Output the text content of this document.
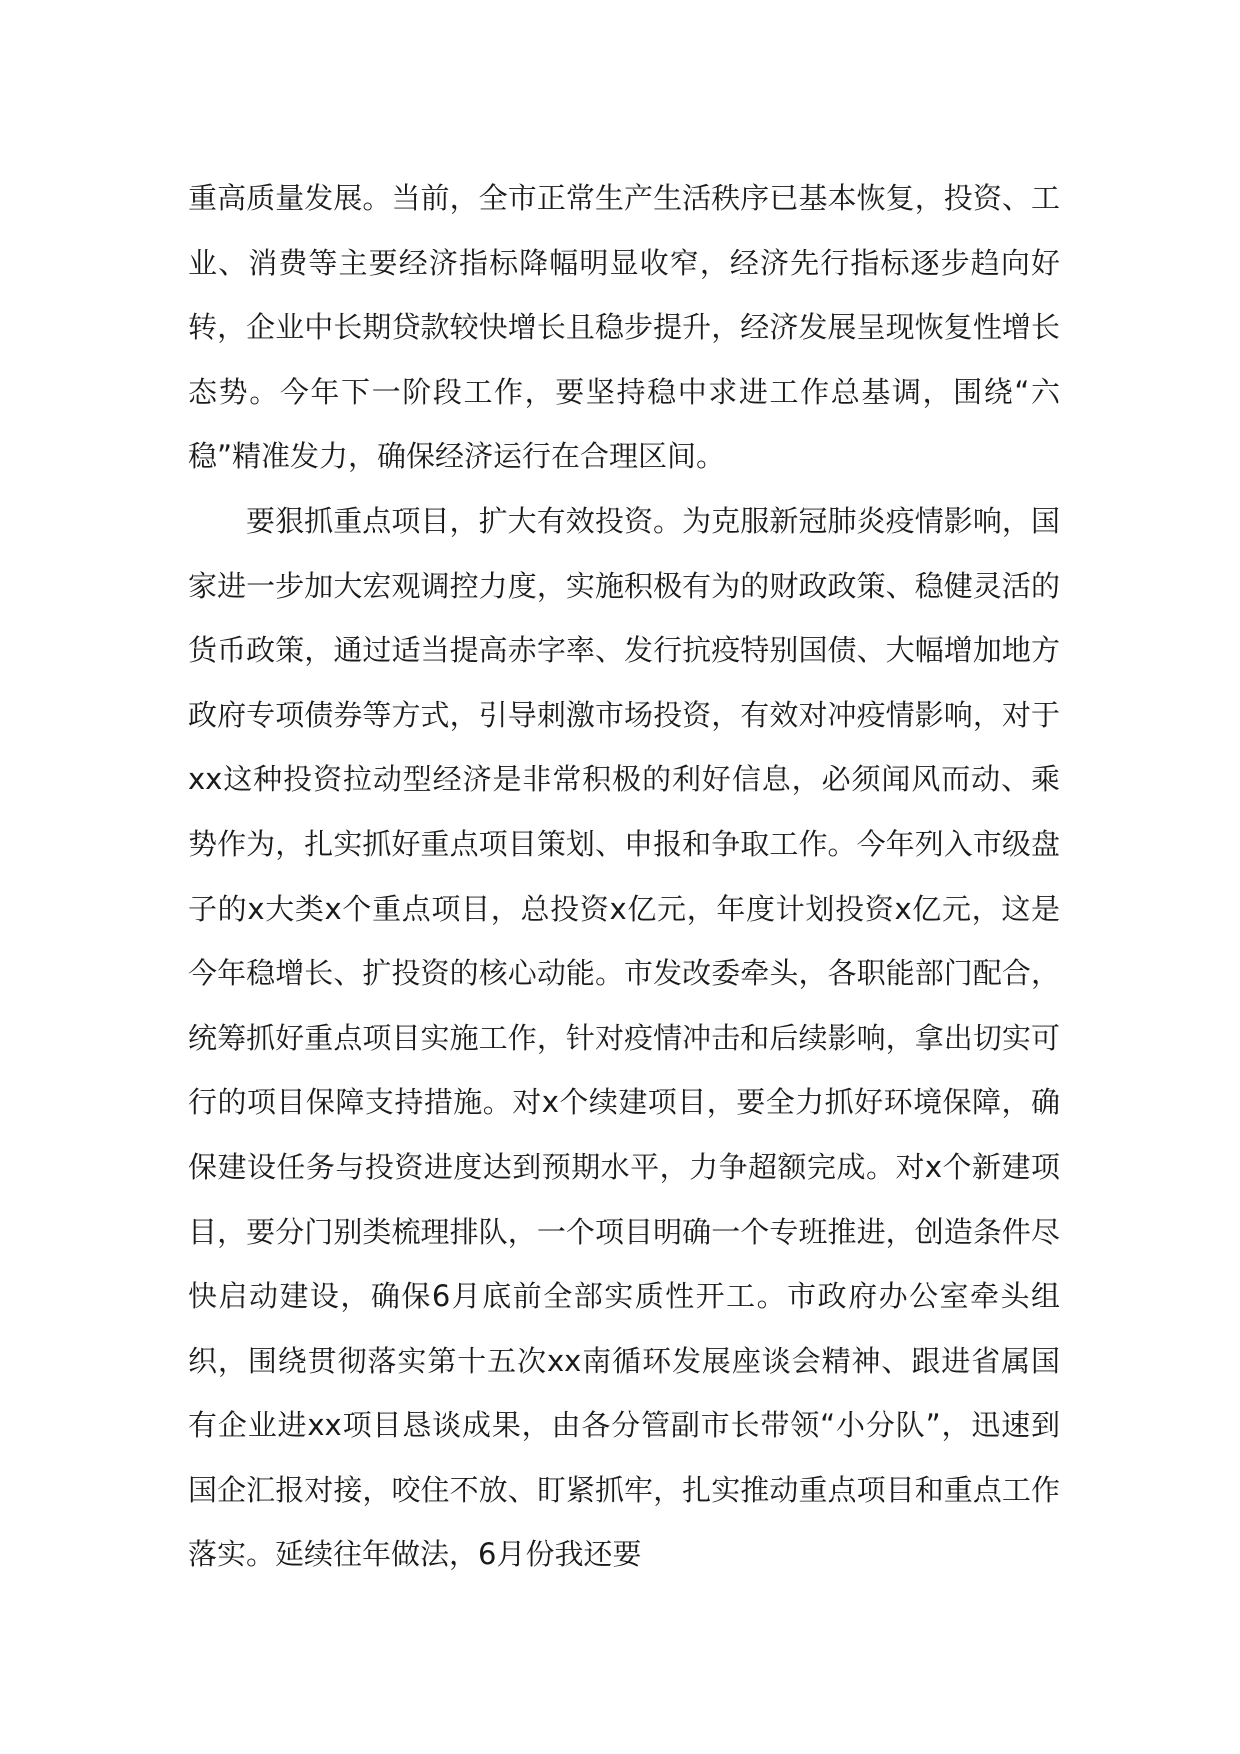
重高质量发展。当前，全市正常生产生活秩序已基本恢复，投资、工业、消费等主要经济指标降幅明显收窄，经济先行指标逐步趋向好转，企业中长期贷款较快增长且稳步提升，经济发展呈现恢复性增长态势。今年下一阶段工作，要坚持稳中求进工作总基调，围绕“六稳”精准发力，确保经济运行在合理区间。

要狠抓重点项目，扩大有效投资。为克服新冠肺炎疫情影响，国家进一步加大宏观调控力度，实施积极有为的财政政策、稳健灵活的货币政策，通过适当提高赤字率、发行抗疫特别国债、大幅增加地方政府专项债券等方式，引导刺激市场投资，有效对冲疫情影响，对于xx这种投资拉动型经济是非常积极的利好信息，必须闻风而动、乘势作为，扎实抓好重点项目策划、申报和争取工作。今年列入市级盘子的x大类x个重点项目，总投资x亿元，年度计划投资x亿元，这是今年稳增长、扩投资的核心动能。市发改委牵头，各职能部门配合，统筹抓好重点项目实施工作，针对疫情冲击和后续影响，拿出切实可行的项目保障支持措施。对x个续建项目，要全力抓好环境保障，确保建设任务与投资进度达到预期水平，力争超额完成。对x个新建项目，要分门别类梳理排队，一个项目明确一个专班推进，创造条件尽快启动建设，确保6月底前全部实质性开工。市政府办公室牵头组织，围绕贯彻落实第十五次xx南循环发展座谈会精神、跟进省属国有企业进xx项目恳谈成果，由各分管副市长带领“小分队”，迅速到国企汇报对接，咬住不放、盯紧抓牢，扎实推动重点项目和重点工作落实。延续往年做法，6月份我还要
